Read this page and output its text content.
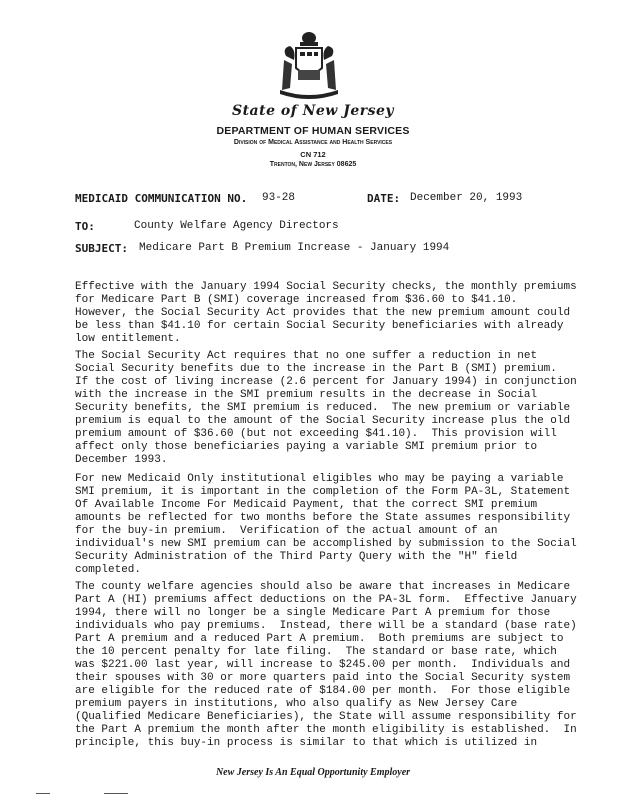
State of New Jersey
DEPARTMENT OF HUMAN SERVICES
Division of Medical Assistance and Health Services
CN 712
Trenton, New Jersey 08625
MEDICAID COMMUNICATION NO. 93-28	DATE: December 20, 1993
TO:	County Welfare Agency Directors
SUBJECT: Medicare Part B Premium Increase - January 1994
Effective with the January 1994 Social Security checks, the monthly premiums
for Medicare Part B (SMI) coverage increased from $36.60 to $41.10.
However, the Social Security Act provides that the new premium amount could
be less than $41.10 for certain Social Security beneficiaries with already
low entitlement.
The Social Security Act requires that no one suffer a reduction in net
Social Security benefits due to the increase in the Part B (SMI) premium.
If the cost of living increase (2.6 percent for January 1994) in conjunction
with the increase in the SMI premium results in the decrease in Social
Security benefits, the SMI premium is reduced.  The new premium or variable
premium is equal to the amount of the Social Security increase plus the old
premium amount of $36.60 (but not exceeding $41.10).  This provision will
affect only those beneficiaries paying a variable SMI premium prior to
December 1993.
For new Medicaid Only institutional eligibles who may be paying a variable
SMI premium, it is important in the completion of the Form PA-3L, Statement
Of Available Income For Medicaid Payment, that the correct SMI premium
amounts be reflected for two months before the State assumes responsibility
for the buy-in premium.  Verification of the actual amount of an
individual's new SMI premium can be accomplished by submission to the Social
Security Administration of the Third Party Query with the "H" field
completed.
The county welfare agencies should also be aware that increases in Medicare
Part A (HI) premiums affect deductions on the PA-3L form.  Effective January
1994, there will no longer be a single Medicare Part A premium for those
individuals who pay premiums.  Instead, there will be a standard (base rate)
Part A premium and a reduced Part A premium.  Both premiums are subject to
the 10 percent penalty for late filing.  The standard or base rate, which
was $221.00 last year, will increase to $245.00 per month.  Individuals and
their spouses with 30 or more quarters paid into the Social Security system
are eligible for the reduced rate of $184.00 per month.  For those eligible
premium payers in institutions, who also qualify as New Jersey Care
(Qualified Medicare Beneficiaries), the State will assume responsibility for
the Part A premium the month after the month eligibility is established.  In
principle, this buy-in process is similar to that which is utilized in
New Jersey Is An Equal Opportunity Employer
